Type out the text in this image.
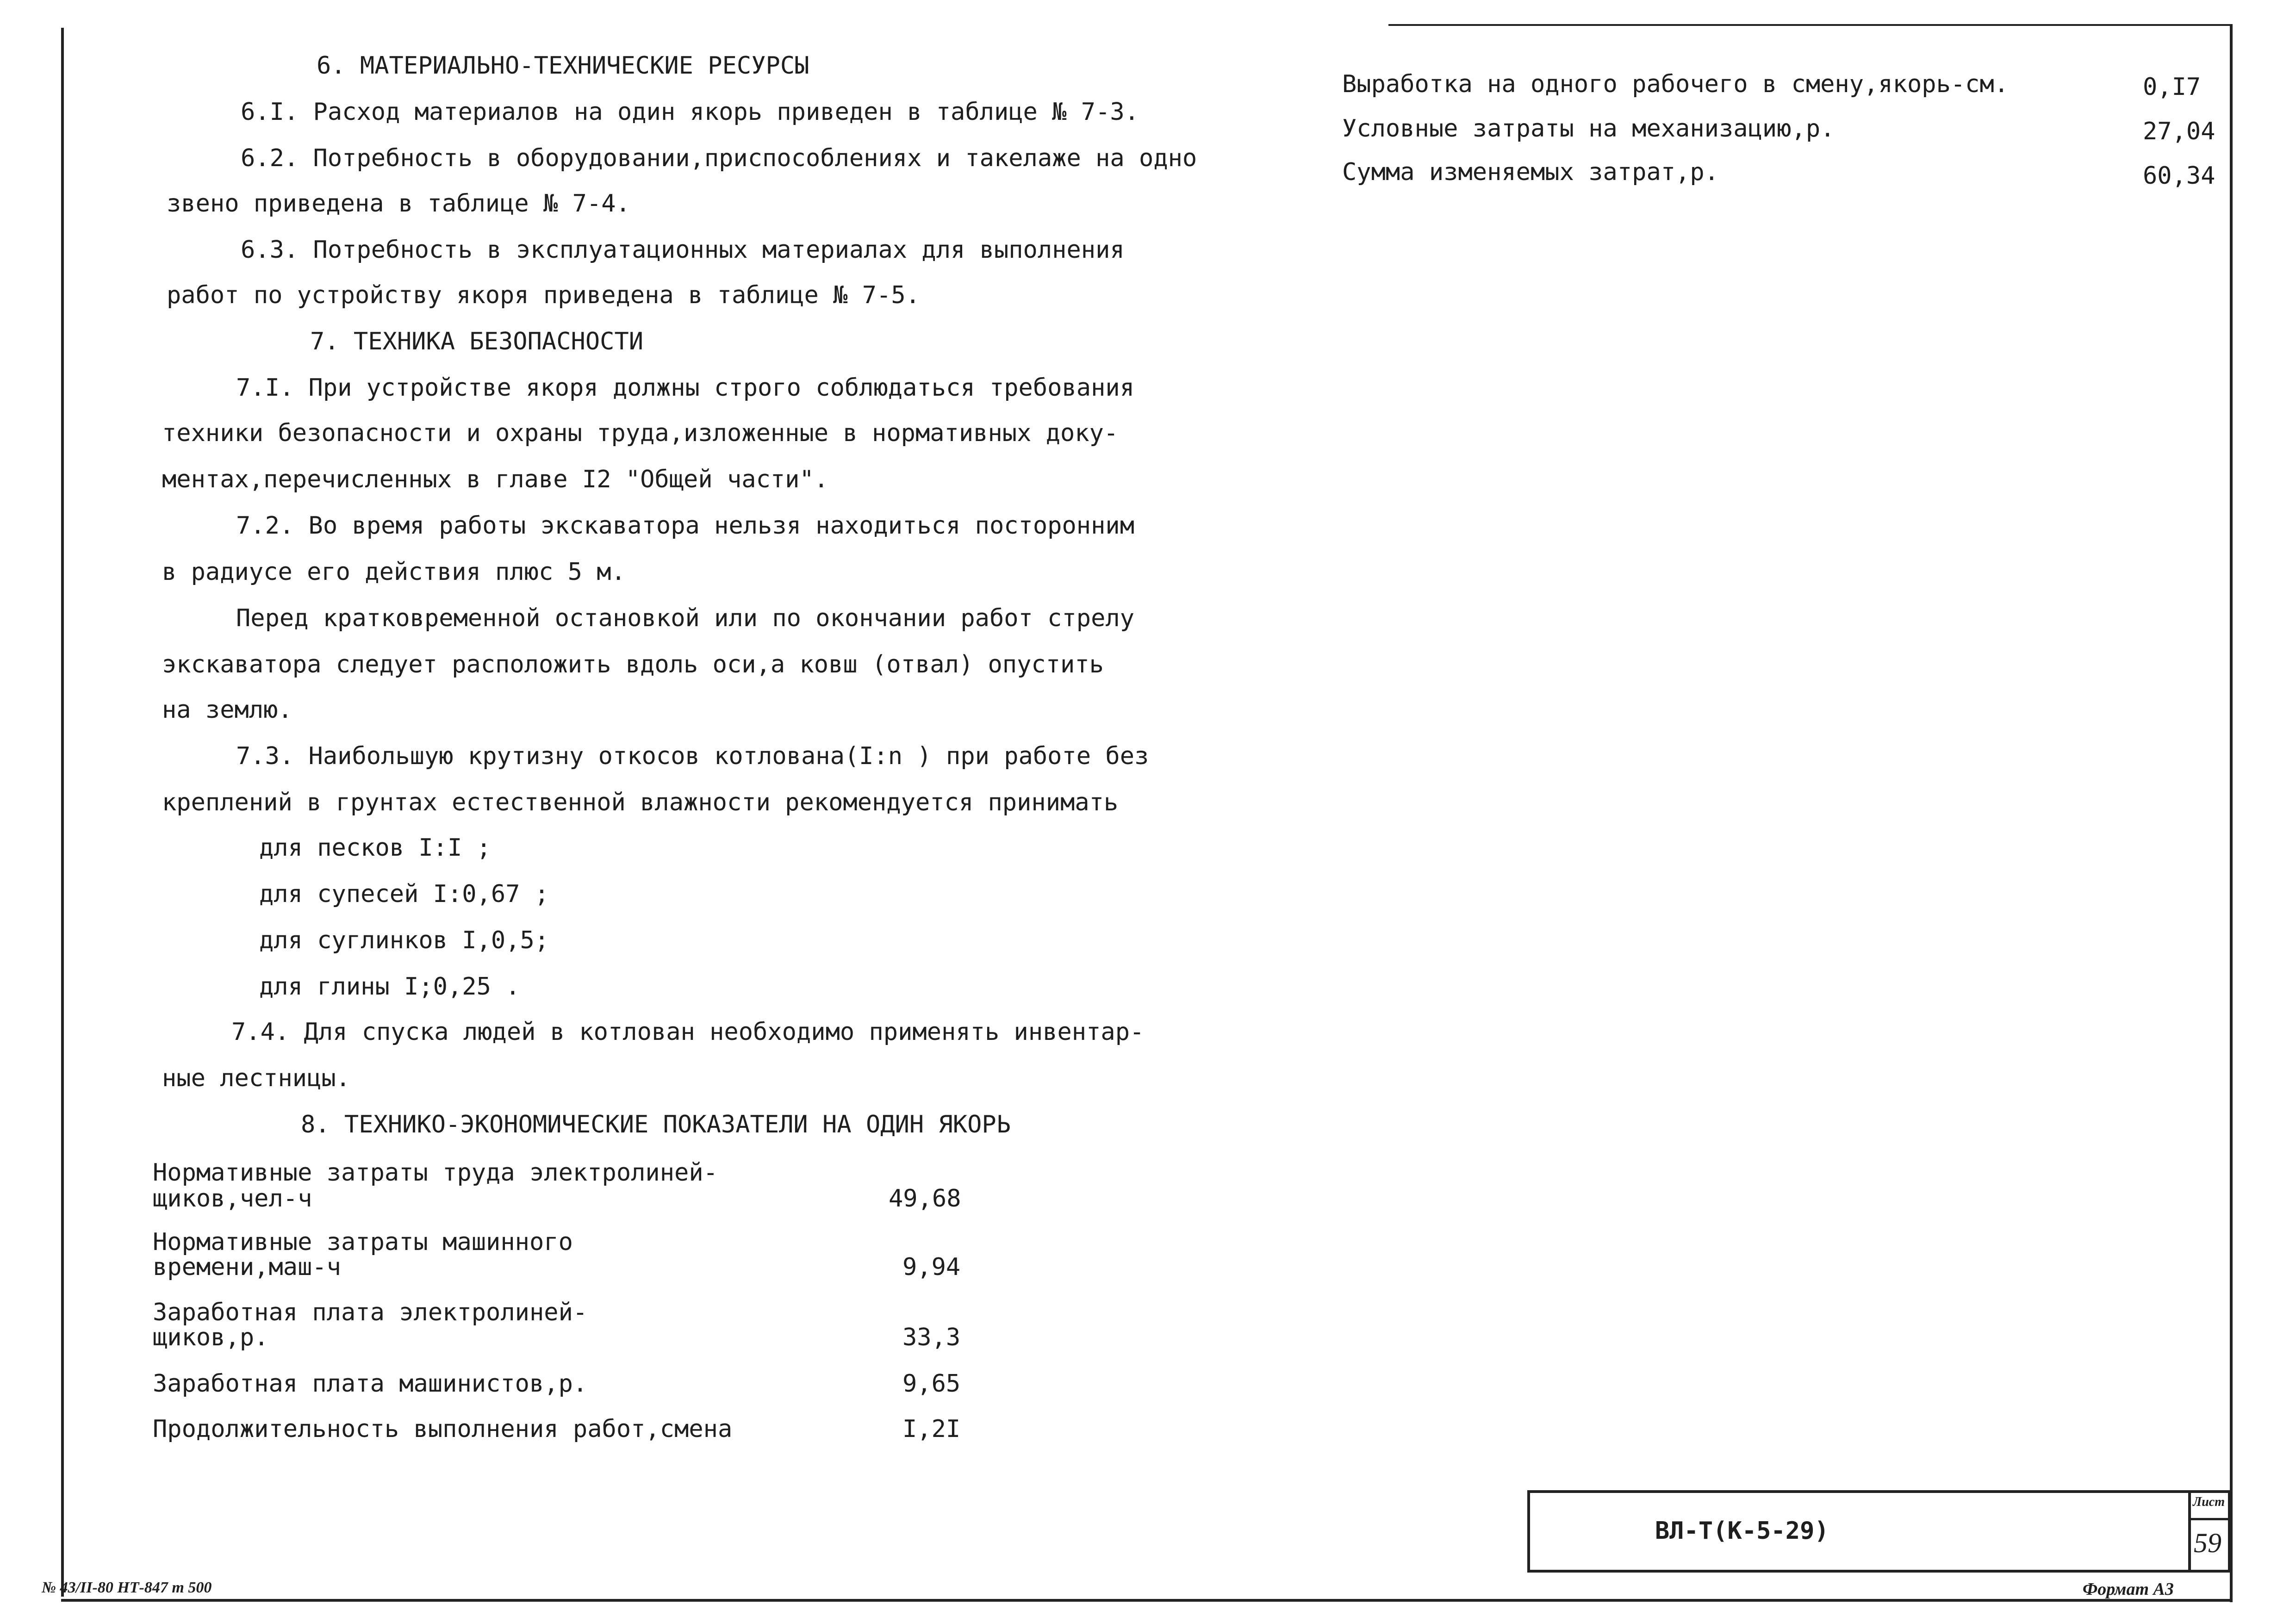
6. МАТЕРИАЛЬНО-ТЕХНИЧЕСКИЕ РЕСУРСЫ
6.I. Расход материалов на один якорь приведен в таблице № 7-3.
6.2. Потребность в оборудовании,приспособлениях и такелаже на одно
звено приведена в таблице № 7-4.
6.3. Потребность в эксплуатационных материалах для выполнения
работ по устройству якоря приведена в таблице № 7-5.
7. ТЕХНИКА БЕЗОПАСНОСТИ
7.I. При устройстве якоря должны строго соблюдаться требования
техники безопасности и охраны труда,изложенные в нормативных доку-
ментах,перечисленных в главе I2 "Общей части".
7.2. Во время работы экскаватора нельзя находиться посторонним
в радиусе его действия плюс 5 м.
Перед кратковременной остановкой или по окончании работ стрелу
экскаватора следует расположить вдоль оси,а ковш (отвал) опустить
на землю.
7.3. Наибольшую крутизну откосов котлована(I:n ) при работе без
креплений в грунтах естественной влажности рекомендуется принимать
для песков I:I ;
для супесей I:0,67 ;
для суглинков I,0,5;
для глины I;0,25 .
7.4. Для спуска людей в котлован необходимо применять инвентар-
ные лестницы.
8. ТЕХНИКО-ЭКОНОМИЧЕСКИЕ ПОКАЗАТЕЛИ НА ОДИН ЯКОРЬ
Нормативные затраты труда электролиней-
щиков,чел-ч	49,68
Нормативные затраты машинного
времени,маш-ч	9,94
Заработная плата электролиней-
щиков,р.	33,3
Заработная плата машинистов,р.	9,65
Продолжительность выполнения работ,смена	I,2I
Выработка на одного рабочего в смену,якорь-см.	0,I7
Условные затраты на механизацию,р.	27,04
Сумма изменяемых затрат,р.	60,34
ВЛ-Т(К-5-29)
Лист
59
№ 43/II-80 НТ-847 т 500	Формат А3
